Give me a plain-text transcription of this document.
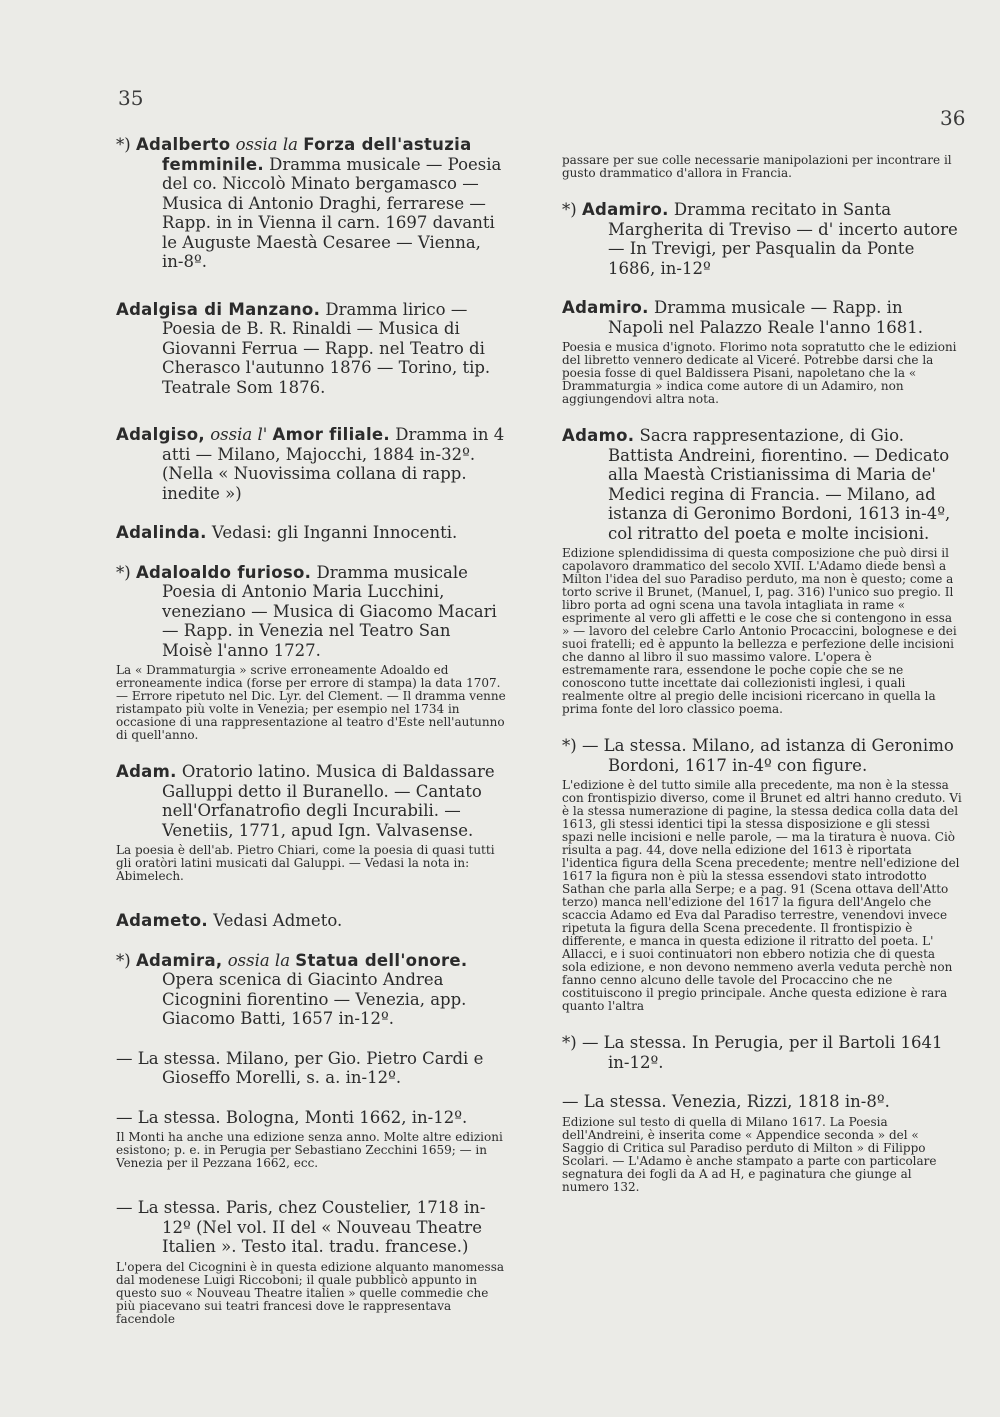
35
36

*) Adalberto ossia la Forza dell'astuzia femminile. Dramma musicale — Poesia del co. Niccolò Minato bergamasco — Musica di Antonio Draghi, ferrarese — Rapp. in in Vienna il carn. 1697 davanti le Auguste Maestà Cesaree — Vienna, in-8º.

Adalgisa di Manzano. Dramma lirico — Poesia de B. R. Rinaldi — Musica di Giovanni Ferrua — Rapp. nel Teatro di Cherasco l'autunno 1876 — Torino, tip. Teatrale Som 1876.

Adalgiso, ossia l' Amor filiale. Dramma in 4 atti — Milano, Majocchi, 1884 in-32º. (Nella « Nuovissima collana di rapp. inedite »)

Adalinda. Vedasi: gli Inganni Innocenti.

*) Adaloaldo furioso. Dramma musicale Poesia di Antonio Maria Lucchini, veneziano — Musica di Giacomo Macari — Rapp. in Venezia nel Teatro San Moisè l'anno 1727.

La « Drammaturgia » scrive erroneamente Adoaldo ed erroneamente indica (forse per errore di stampa) la data 1707. — Errore ripetuto nel Dic. Lyr. del Clement. — Il dramma venne ristampato più volte in Venezia; per esempio nel 1734 in occasione di una rappresentazione al teatro d'Este nell'autunno di quell'anno.

Adam. Oratorio latino. Musica di Baldassare Galluppi detto il Buranello. — Cantato nell'Orfanatrofio degli Incurabili. — Venetiis, 1771, apud Ign. Valvasense.

La poesia è dell'ab. Pietro Chiari, come la poesia di quasi tutti gli oratòri latini musicati dal Galuppi. — Vedasi la nota in: Abimelech.

Adameto. Vedasi Admeto.

*) Adamira, ossia la Statua dell'onore. Opera scenica di Giacinto Andrea Cicognini fiorentino — Venezia, app. Giacomo Batti, 1657 in-12º.

— La stessa. Milano, per Gio. Pietro Cardi e Gioseffo Morelli, s. a. in-12º.

— La stessa. Bologna, Monti 1662, in-12º.

Il Monti ha anche una edizione senza anno. Molte altre edizioni esistono; p. e. in Perugia per Sebastiano Zecchini 1659; — in Venezia per il Pezzana 1662, ecc.

— La stessa. Paris, chez Coustelier, 1718 in-12º (Nel vol. II del « Nouveau Theatre Italien ». Testo ital. tradu. francese.)

L'opera del Cicognini è in questa edizione alquanto manomessa dal modenese Luigi Riccoboni; il quale pubblicò appunto in questo suo « Nouveau Theatre italien » quelle commedie che più piacevano sui teatri francesi dove le rappresentava facendole

passare per sue colle necessarie manipolazioni per incontrare il gusto drammatico d'allora in Francia.

*) Adamiro. Dramma recitato in Santa Margherita di Treviso — d' incerto autore — In Trevigi, per Pasqualin da Ponte 1686, in-12º

Adamiro. Dramma musicale — Rapp. in Napoli nel Palazzo Reale l'anno 1681.

Poesia e musica d'ignoto. Florimo nota sopratutto che le edizioni del libretto vennero dedicate al Viceré. Potrebbe darsi che la poesia fosse di quel Baldissera Pisani, napoletano che la « Drammaturgia » indica come autore di un Adamiro, non aggiungendovi altra nota.

Adamo. Sacra rappresentazione, di Gio. Battista Andreini, fiorentino. — Dedicato alla Maestà Cristianissima di Maria de' Medici regina di Francia. — Milano, ad istanza di Geronimo Bordoni, 1613 in-4º, col ritratto del poeta e molte incisioni.

Edizione splendidissima di questa composizione che può dirsi il capolavoro drammatico del secolo XVII. L'Adamo diede bensì a Milton l'idea del suo Paradiso perduto, ma non è questo; come a torto scrive il Brunet, (Manuel, I, pag. 316) l'unico suo pregio. Il libro porta ad ogni scena una tavola intagliata in rame « esprimente al vero gli affetti e le cose che si contengono in essa » — lavoro del celebre Carlo Antonio Procaccini, bolognese e dei suoi fratelli; ed è appunto la bellezza e perfezione delle incisioni che danno al libro il suo massimo valore. L'opera è estremamente rara, essendone le poche copie che se ne conoscono tutte incettate dai collezionisti inglesi, i quali realmente oltre al pregio delle incisioni ricercano in quella la prima fonte del loro classico poema.

*) — La stessa. Milano, ad istanza di Geronimo Bordoni, 1617 in-4º con figure.

L'edizione è del tutto simile alla precedente, ma non è la stessa con frontispizio diverso, come il Brunet ed altri hanno creduto. Vi è la stessa numerazione di pagine, la stessa dedica colla data del 1613, gli stessi identici tipi la stessa disposizione e gli stessi spazi nelle incisioni e nelle parole, — ma la tiratura è nuova. Ciò risulta a pag. 44, dove nella edizione del 1613 è riportata l'identica figura della Scena precedente; mentre nell'edizione del 1617 la figura non è più la stessa essendovi stato introdotto Sathan che parla alla Serpe; e a pag. 91 (Scena ottava dell'Atto terzo) manca nell'edizione del 1617 la figura dell'Angelo che scaccia Adamo ed Eva dal Paradiso terrestre, venendovi invece ripetuta la figura della Scena precedente. Il frontispizio è differente, e manca in questa edizione il ritratto del poeta. L' Allacci, e i suoi continuatori non ebbero notizia che di questa sola edizione, e non devono nemmeno averla veduta perchè non fanno cenno alcuno delle tavole del Procaccino che ne costituiscono il pregio principale. Anche questa edizione è rara quanto l'altra

*) — La stessa. In Perugia, per il Bartoli 1641 in-12º.

— La stessa. Venezia, Rizzi, 1818 in-8º.

Edizione sul testo di quella di Milano 1617. La Poesia dell'Andreini, è inserita come « Appendice seconda » del « Saggio di Critica sul Paradiso perduto di Milton » di Filippo Scolari. — L'Adamo è anche stampato a parte con particolare segnatura dei fogli da A ad H, e paginatura che giunge al numero 132.
